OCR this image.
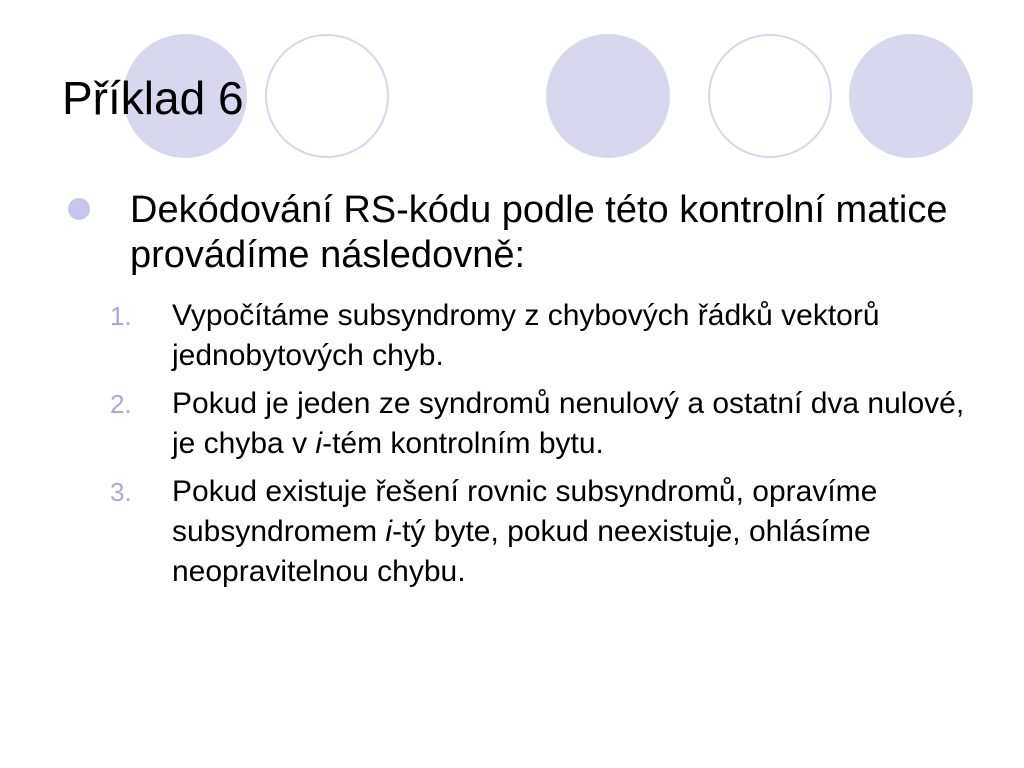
Příklad 6
Dekódování RS-kódu podle této kontrolní matice provádíme následovně:
1. Vypočítáme subsyndromy z chybových řádků vektorů jednobytových chyb.
2. Pokud je jeden ze syndromů nenulový a ostatní dva nulové, je chyba v i-tém kontrolním bytu.
3. Pokud existuje řešení rovnic subsyndromů, opravíme subsyndromem i-tý byte, pokud neexistuje, ohlásíme neopravitelnou chybu.
